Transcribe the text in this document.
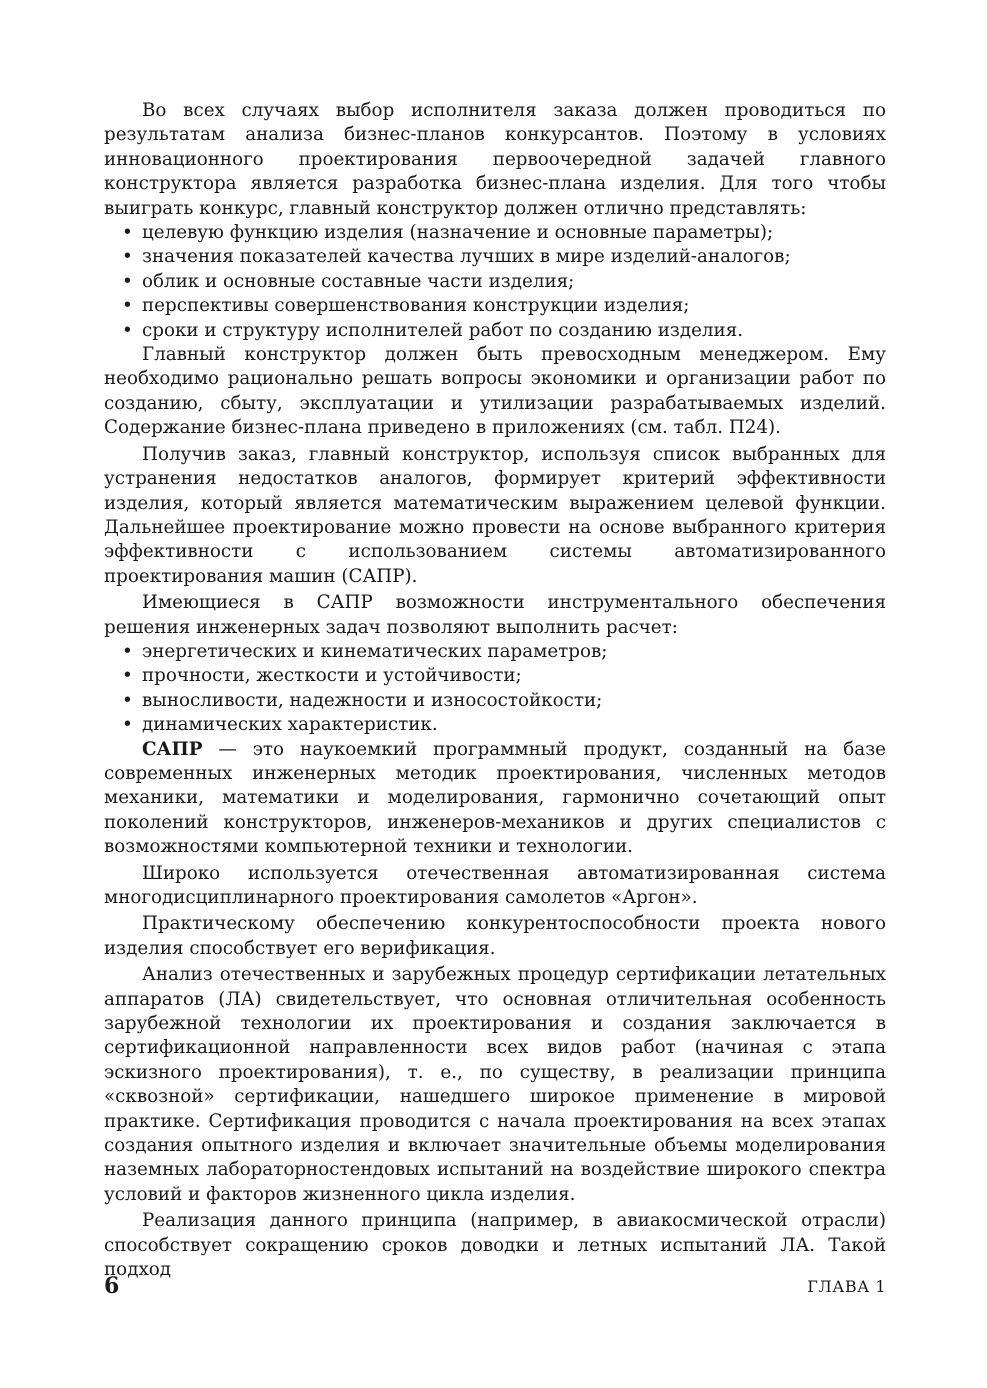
Во всех случаях выбор исполнителя заказа должен проводиться по результатам анализа бизнес-планов конкурсантов. Поэтому в условиях инновационного проектирования первоочередной задачей главного конструктора является разработка бизнес-плана изделия. Для того чтобы выиграть конкурс, главный конструктор должен отлично представлять:

• целевую функцию изделия (назначение и основные параметры);
• значения показателей качества лучших в мире изделий-аналогов;
• облик и основные составные части изделия;
• перспективы совершенствования конструкции изделия;
• сроки и структуру исполнителей работ по созданию изделия.

Главный конструктор должен быть превосходным менеджером. Ему необходимо рационально решать вопросы экономики и организации работ по созданию, сбыту, эксплуатации и утилизации разрабатываемых изделий. Содержание бизнес-плана приведено в приложениях (см. табл. П24).

Получив заказ, главный конструктор, используя список выбранных для устранения недостатков аналогов, формирует критерий эффективности изделия, который является математическим выражением целевой функции. Дальнейшее проектирование можно провести на основе выбранного критерия эффективности с использованием системы автоматизированного проектирования машин (САПР).

Имеющиеся в САПР возможности инструментального обеспечения решения инженерных задач позволяют выполнить расчет:

• энергетических и кинематических параметров;
• прочности, жесткости и устойчивости;
• выносливости, надежности и износостойкости;
• динамических характеристик.

САПР — это наукоемкий программный продукт, созданный на базе современных инженерных методик проектирования, численных методов механики, математики и моделирования, гармонично сочетающий опыт поколений конструкторов, инженеров-механиков и других специалистов с возможностями компьютерной техники и технологии.

Широко используется отечественная автоматизированная система многодисциплинарного проектирования самолетов «Аргон».

Практическому обеспечению конкурентоспособности проекта нового изделия способствует его верификация.

Анализ отечественных и зарубежных процедур сертификации летательных аппаратов (ЛА) свидетельствует, что основная отличительная особенность зарубежной технологии их проектирования и создания заключается в сертификационной направленности всех видов работ (начиная с этапа эскизного проектирования), т. е., по существу, в реализации принципа «сквозной» сертификации, нашедшего широкое применение в мировой практике. Сертификация проводится с начала проектирования на всех этапах создания опытного изделия и включает значительные объемы моделирования наземных лабораторностендовых испытаний на воздействие широкого спектра условий и факторов жизненного цикла изделия.

Реализация данного принципа (например, в авиакосмической отрасли) способствует сокращению сроков доводки и летных испытаний ЛА. Такой подход

6	ГЛАВА 1
